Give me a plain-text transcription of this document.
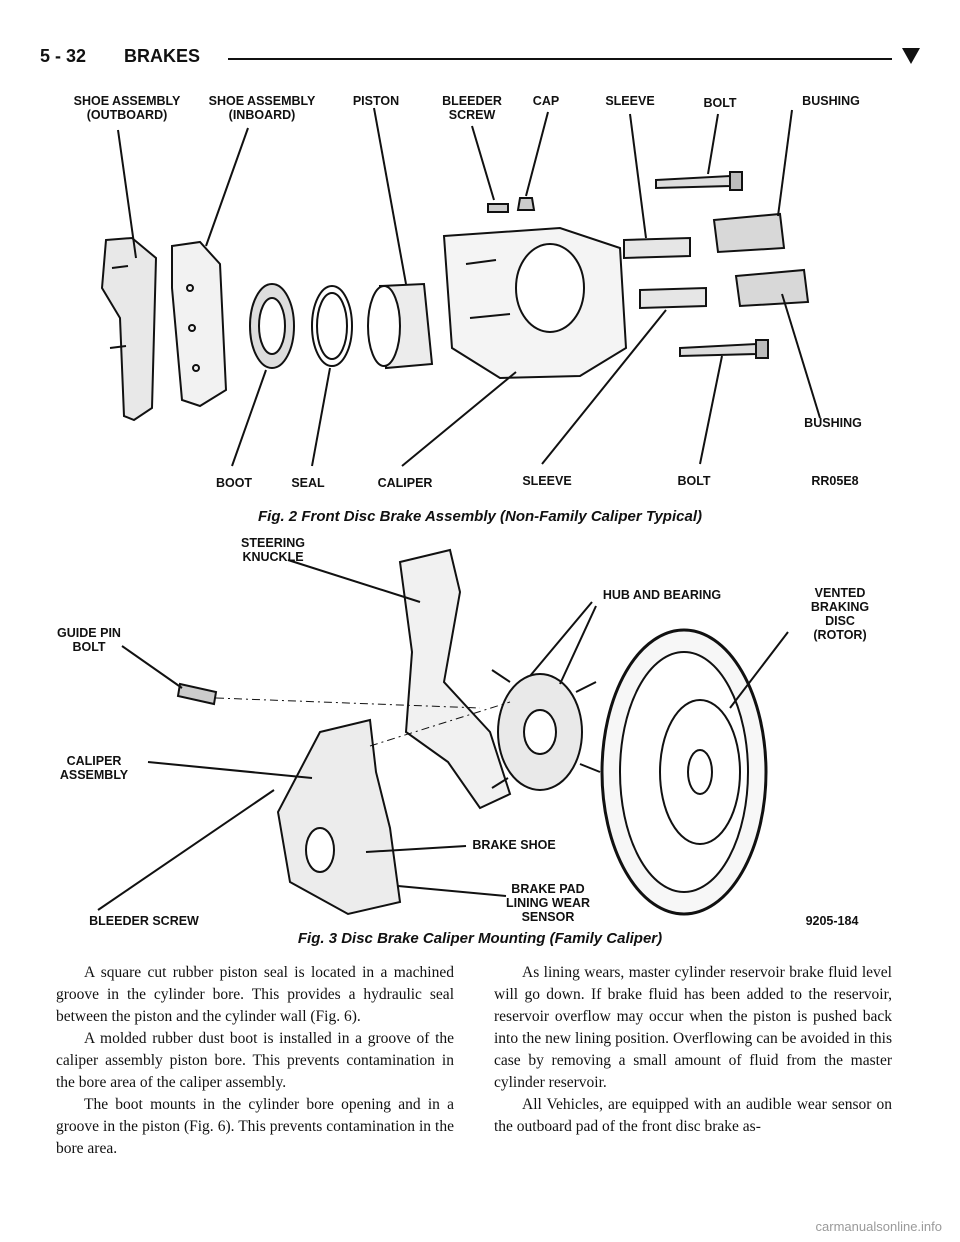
5 - 32 BRAKES
SHOE ASSEMBLY
(OUTBOARD)
SHOE ASSEMBLY
(INBOARD)
PISTON	BLEEDER
SCREW
CAP	SLEEVE	BOLT	BUSHING
BUSHING
BOOT	SEAL	CALIPER	SLEEVE	BOLT	RR05E8
Fig. 2 Front Disc Brake Assembly (Non-Family Caliper Typical)
STEERING
KNUCKLE
HUB AND BEARING	VENTED
BRAKING
DISC
(ROTOR)
GUIDE PIN
BOLT
CALIPER
ASSEMBLY
BRAKE SHOE
BRAKE PAD
LINING WEAR
SENSOR
BLEEDER SCREW	9205-184
Fig. 3 Disc Brake Caliper Mounting (Family Caliper)

A square cut rubber piston seal is located in a machined groove in the cylinder bore. This provides a hydraulic seal between the piston and the cylinder wall (Fig. 6).

A molded rubber dust boot is installed in a groove of the caliper assembly piston bore. This prevents contamination in the bore area of the caliper assembly.

The boot mounts in the cylinder bore opening and in a groove in the piston (Fig. 6). This prevents contamination in the bore area.

As lining wears, master cylinder reservoir brake fluid level will go down. If brake fluid has been added to the reservoir, reservoir overflow may occur when the piston is pushed back into the new lining position. Overflowing can be avoided in this case by removing a small amount of fluid from the master cylinder reservoir.

All Vehicles, are equipped with an audible wear sensor on the outboard pad of the front disc brake as-

carmanualsonline.info
